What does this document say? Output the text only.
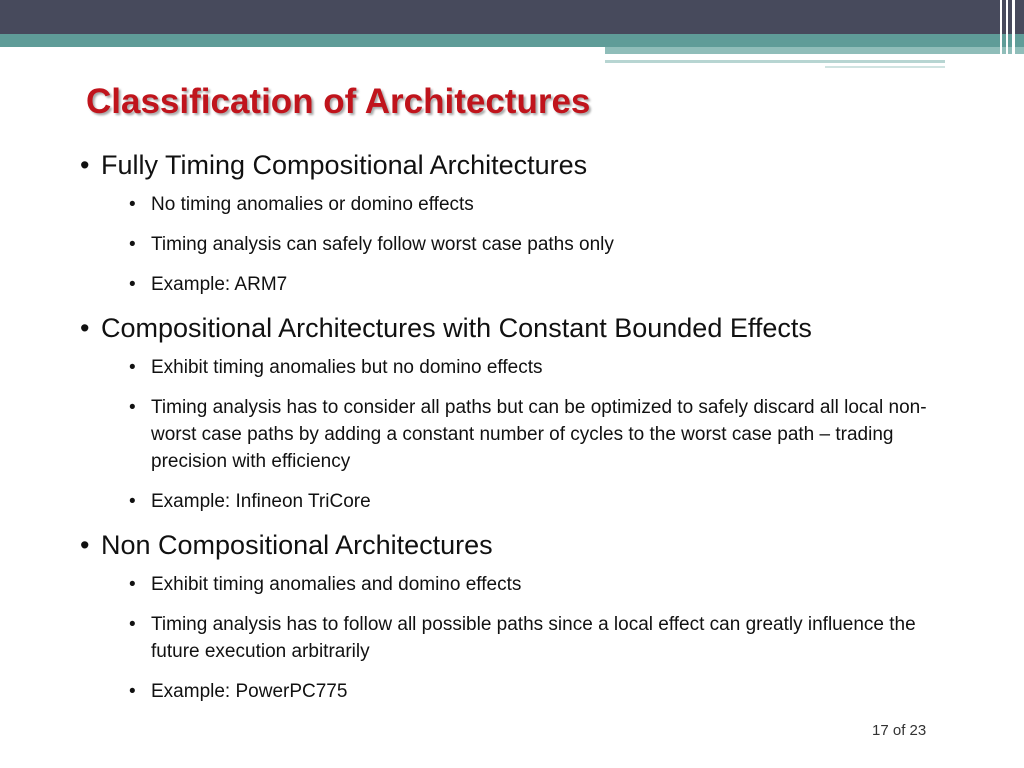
Classification of Architectures

• Fully Timing Compositional Architectures

• No timing anomalies or domino effects

• Timing analysis can safely follow worst case paths only

• Example: ARM7

• Compositional Architectures with Constant Bounded Effects

• Exhibit timing anomalies but no domino effects

• Timing analysis has to consider all paths but can be optimized to safely discard all local non-worst case paths by adding a constant number of cycles to the worst case path – trading precision with efficiency

• Example: Infineon TriCore

• Non Compositional Architectures

• Exhibit timing anomalies and domino effects

• Timing analysis has to follow all possible paths since a local effect can greatly influence the future execution arbitrarily

• Example: PowerPC775

17 of 23
